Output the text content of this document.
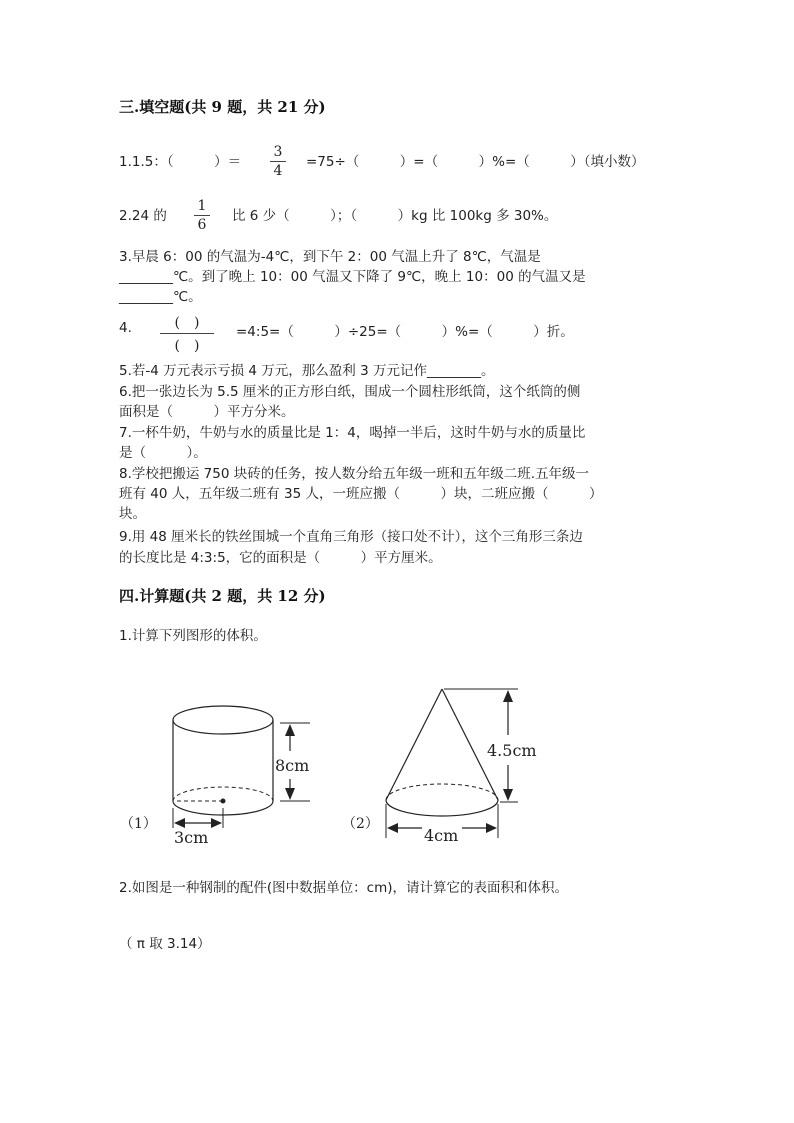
三.填空题(共 9 题，共 21 分)
1.1.5：（　　　）＝
3
4
=75÷（　　　）=（　　　）%=（　　　）（填小数）
2.24 的
1
6
比 6 少（　　　）；（　　　）kg 比 100kg 多 30%。
3.早晨 6：00 的气温为-4℃，到下午 2：00 气温上升了 8℃，气温是
________℃。到了晚上 10：00 气温又下降了 9℃，晚上 10：00 的气温又是
________℃。
4.	(　)
(　)
=4:5=（　　　）÷25=（　　　）%=（　　　）折。
5.若-4 万元表示亏损 4 万元，那么盈利 3 万元记作________。
6.把一张边长为 5.5 厘米的正方形白纸，围成一个圆柱形纸筒，这个纸筒的侧
面积是（　　　）平方分米。
7.一杯牛奶，牛奶与水的质量比是 1：4，喝掉一半后，这时牛奶与水的质量比
是（　　　）。
8.学校把搬运 750 块砖的任务，按人数分给五年级一班和五年级二班.五年级一
班有 40 人，五年级二班有 35 人，一班应搬（　　　）块，二班应搬（　　　）
块。
9.用 48 厘米长的铁丝围城一个直角三角形（接口处不计），这个三角形三条边
的长度比是 4:3:5，它的面积是（　　　）平方厘米。
四.计算题(共 2 题，共 12 分)
1.计算下列图形的体积。
（1）
8cm
3cm
（2）
4.5cm
4cm
2.如图是一种钢制的配件(图中数据单位：cm)，请计算它的表面积和体积。
（ π 取 3.14）
